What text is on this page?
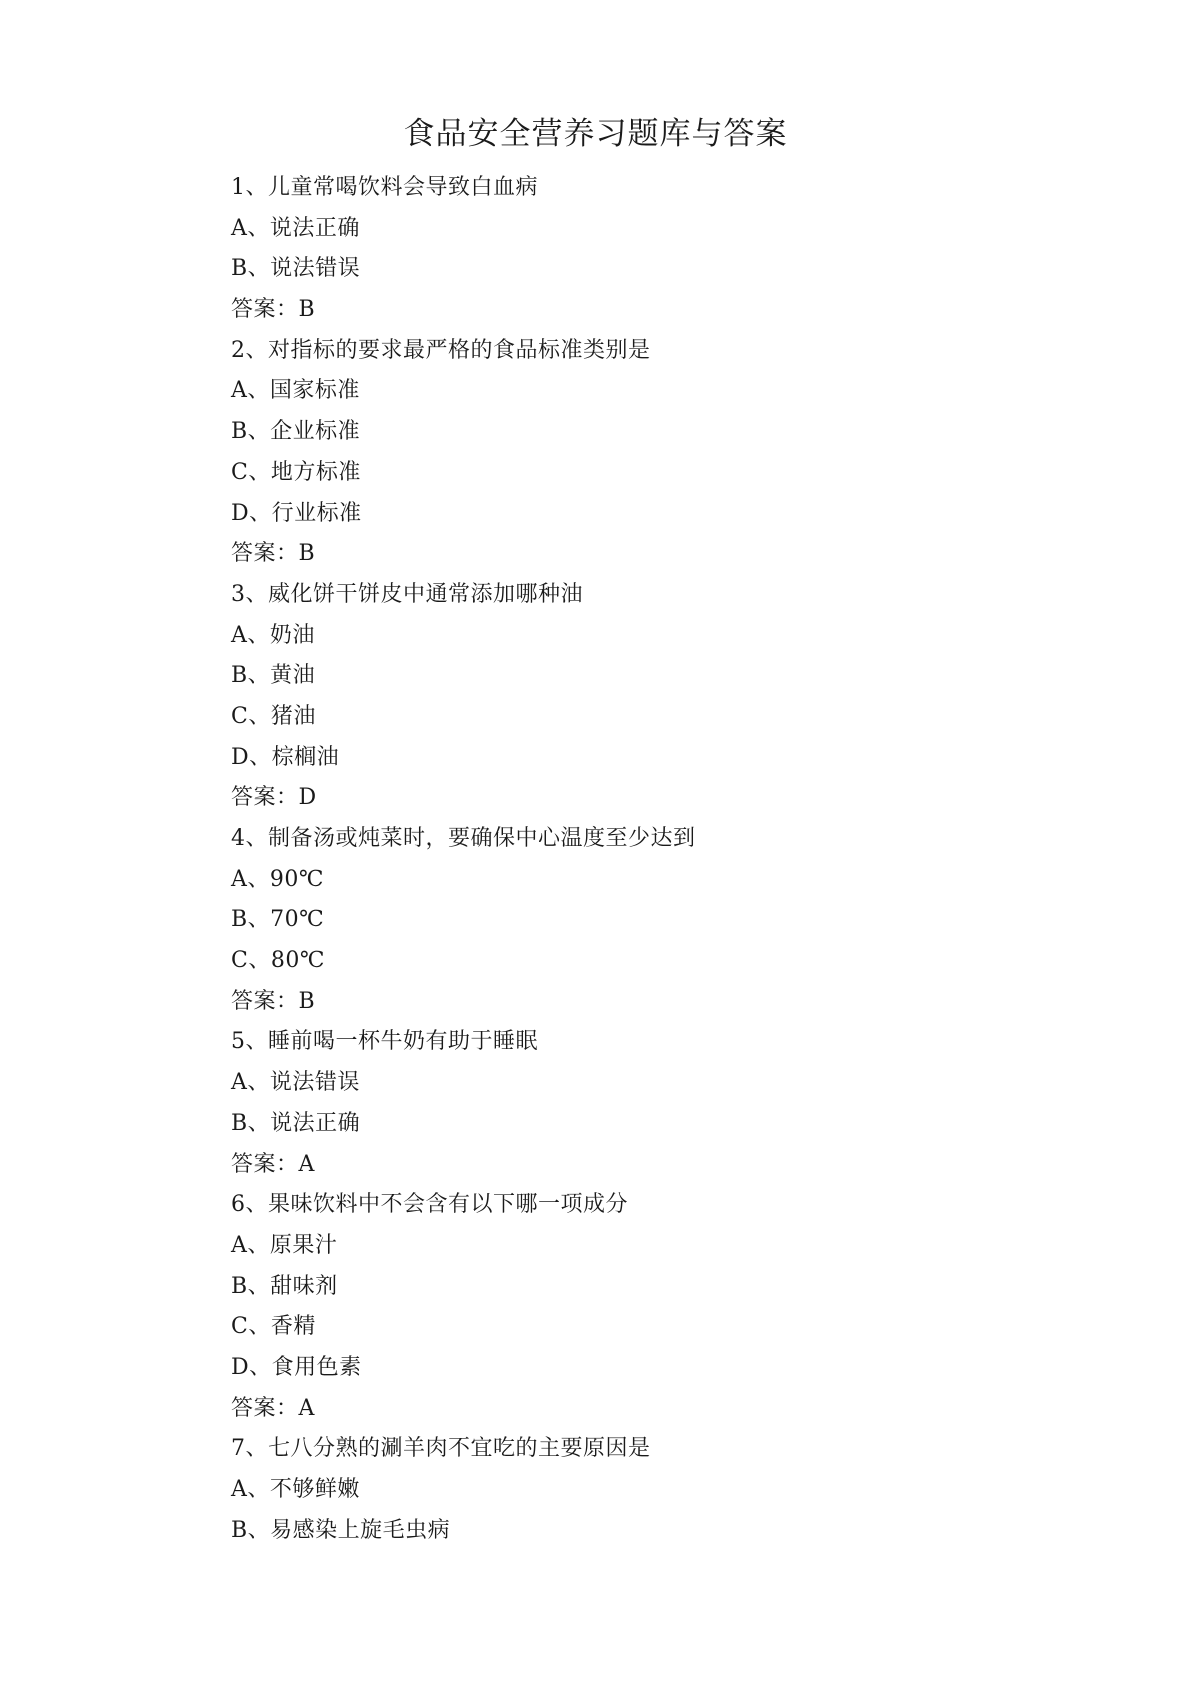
食品安全营养习题库与答案
1、儿童常喝饮料会导致白血病
A、说法正确
B、说法错误
答案：B
2、对指标的要求最严格的食品标准类别是
A、国家标准
B、企业标准
C、地方标准
D、行业标准
答案：B
3、威化饼干饼皮中通常添加哪种油
A、奶油
B、黄油
C、猪油
D、棕榈油
答案：D
4、制备汤或炖菜时，要确保中心温度至少达到
A、90℃
B、70℃
C、80℃
答案：B
5、睡前喝一杯牛奶有助于睡眠
A、说法错误
B、说法正确
答案：A
6、果味饮料中不会含有以下哪一项成分
A、原果汁
B、甜味剂
C、香精
D、食用色素
答案：A
7、七八分熟的涮羊肉不宜吃的主要原因是
A、不够鲜嫩
B、易感染上旋毛虫病
